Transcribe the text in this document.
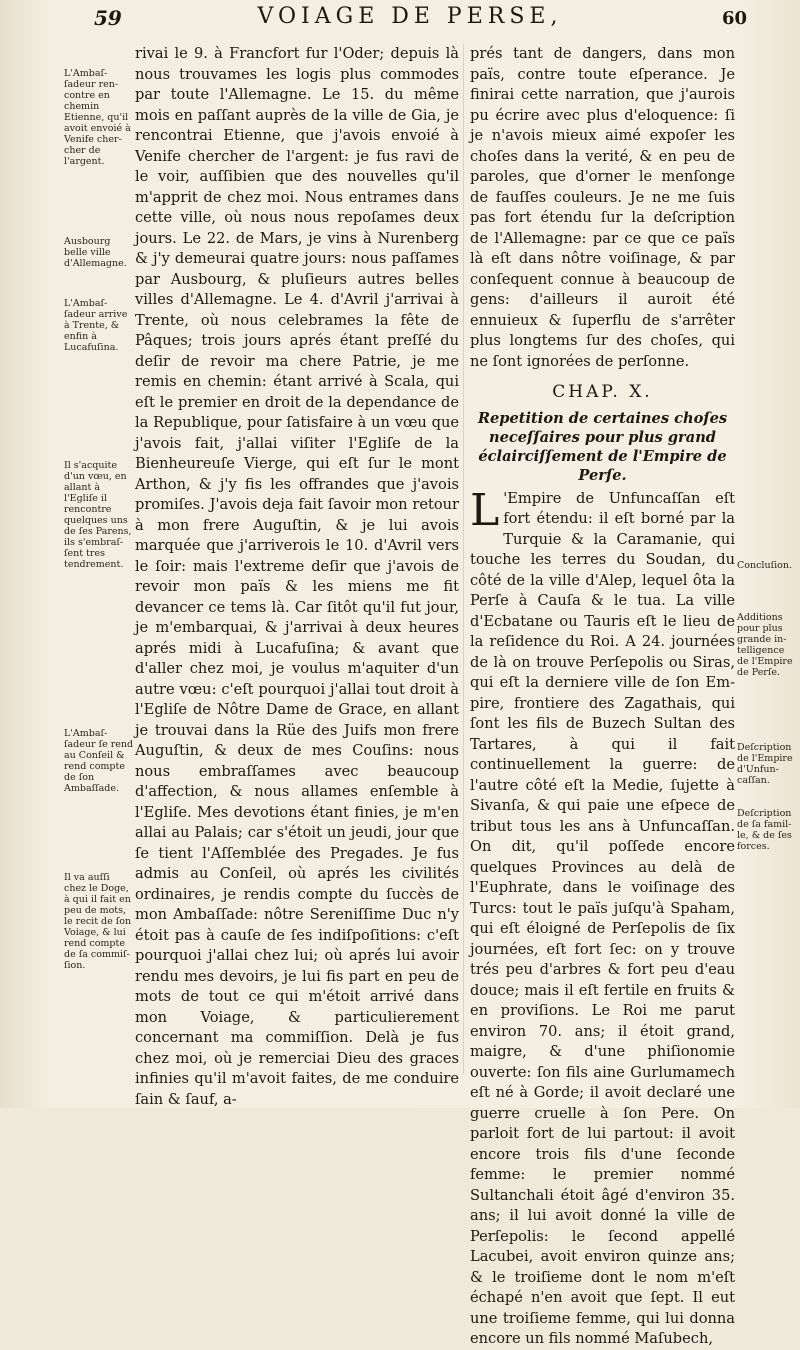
59	VOIAGE DE PERSE,	60

L'Ambaſſadeur rencontre en chemin Etienne, qu'il avoit envoié à Venife chercher de l'argent.

Ausbourg belle ville d'Allemagne.

L'Ambaſſadeur arrive à Trente, & enfin à Lucafuſina.

Il s'acquite d'un vœu, en allant à l'Egliſe il rencontre quelques uns de ſes Parens, ils s'embraſſent tres tendrement.

L'Ambaſſadeur ſe rend au Conſeil & rend compte de ſon Ambaſſade.

Il va auſſi chez le Doge, à qui il fait en peu de mots, le recit de ſon Voiage, & lui rend compte de ſa commiſſion.

rivai le 9. à Francfort fur l'Oder; depuis là nous trouvames les logis plus commodes par toute l'Allemagne. Le 15. du même mois en paſſant auprès de la ville de Gia, je rencontrai Etienne, que j'avois envoié à Venife chercher de l'argent: je fus ravi de le voir, auſſibien que des nouvelles qu'il m'apprit de chez moi. Nous entrames dans cette ville, où nous nous repoſames deux jours. Le 22. de Mars, je vins à Nurenberg & j'y demeurai quatre jours: nous paſſames par Ausbourg, & pluſieurs autres belles villes d'Allemagne. Le 4. d'Avril j'arrivai à Trente, où nous celebrames la fête de Pâques; trois jours aprés étant preſſé du deſir de revoir ma chere Patrie, je me remis en chemin: étant arrivé à Scala, qui eſt le premier en droit de la dependance de la Republique, pour ſatisfaire à un vœu que j'avois fait, j'allai viſiter l'Egliſe de la Bienheureuſe Vierge, qui eſt ſur le mont Arthon, & j'y fis les offrandes que j'avois promiſes. J'avois deja fait ſavoir mon retour à mon frere Auguſtin, & je lui avois marquée que j'arriverois le 10. d'Avril vers le ſoir: mais l'extreme deſir que j'avois de revoir mon païs & les miens me fit devancer ce tems là. Car ſitôt qu'il fut jour, je m'embarquai, & j'arrivai à deux heures aprés midi à Lucafuſina; & avant que d'aller chez moi, je voulus m'aquiter d'un autre vœu: c'eſt pourquoi j'allai tout droit à l'Egliſe de Nôtre Dame de Grace, en allant je trouvai dans la Rüe des Juifs mon frere Auguſtin, & deux de mes Couſins: nous nous embraſſames avec beaucoup d'affection, & nous allames enſemble à l'Egliſe. Mes devotions étant finies, je m'en allai au Palais; car s'étoit un jeudi, jour que ſe tient l'Aſſemblée des Pregades. Je fus admis au Conſeil, où aprés les civilités ordinaires, je rendis compte du ſuccès de mon Ambaſſade: nôtre Sereniſſime Duc n'y étoit pas à cauſe de ſes indiſpoſitions: c'eſt pourquoi j'allai chez lui; où aprés lui avoir rendu mes devoirs, je lui fis part en peu de mots de tout ce qui m'étoit arrivé dans mon Voiage, & particulierement concernant ma commiſſion. Delà je fus chez moi, où je remerciai Dieu des graces infinies qu'il m'avoit faites, de me conduire ſain & ſauf, a-

prés tant de dangers, dans mon païs, contre toute eſperance. Je finirai cette narration, que j'aurois pu écrire avec plus d'eloquence: ſi je n'avois mieux aimé expoſer les choſes dans la verité, & en peu de paroles, que d'orner le menſonge de fauſſes couleurs. Je ne me ſuis pas fort étendu ſur la deſcription de l'Allemagne: par ce que ce païs là eſt dans nôtre voiſinage, & par conſequent connue à beaucoup de gens: d'ailleurs il auroit été ennuieux & ſuperflu de s'arrêter plus longtems ſur des choſes, qui ne ſont ignorées de perſonne.

CHAP. X.
Repetition de certaines choſes neceſſaires pour plus grand éclairciſſement de l'Empire de Perſe.

L 'Empire de Unfuncaſſan eſt fort étendu: il eſt borné par la Turquie & la Caramanie, qui touche les terres du Soudan, du côté de la ville d'Alep, lequel ôta la Perſe à Cauſa & le tua. La ville d'Ecbatane ou Tauris eſt le lieu de la reſidence du Roi. A 24. journées de là on trouve Perſepolis ou Siras, qui eſt la derniere ville de ſon Empire, frontiere des Zagathais, qui ſont les fils de Buzech Sultan des Tartares, à qui il fait continuellement la guerre: de l'autre côté eſt la Medie, ſujette à Sivanſa, & qui paie une eſpece de tribut tous les ans à Unfuncaſſan. On dit, qu'il poſſede encore quelques Provinces au delà de l'Euphrate, dans le voiſinage des Turcs: tout le païs juſqu'à Spaham, qui eſt éloigné de Perſepolis de ſix journées, eſt fort ſec: on y trouve trés peu d'arbres & fort peu d'eau douce; mais il eſt fertile en fruits & en proviſions. Le Roi me parut environ 70. ans; il étoit grand, maigre, & d'une phiſionomie ouverte: ſon fils aine Gurlumamech eſt né à Gorde; il avoit declaré une guerre cruelle à ſon Pere. On parloit fort de lui partout: il avoit encore trois fils d'une ſeconde femme: le premier nommé Sultanchali étoit âgé d'environ 35. ans; il lui avoit donné la ville de Perſepolis: le ſecond appellé Lacubei, avoit environ quinze ans; & le troiſieme dont le nom m'eſt échapé n'en avoit que ſept. Il eut une troiſieme femme, qui lui donna encore un fils nommé Maſubech,

Concluſion.

Additions pour plus grande intelligence de l'Empire de Perſe.

Deſcription de l'Empire d'Unfuncaſſan.

Deſcription de ſa famille, & de ſes forces.
